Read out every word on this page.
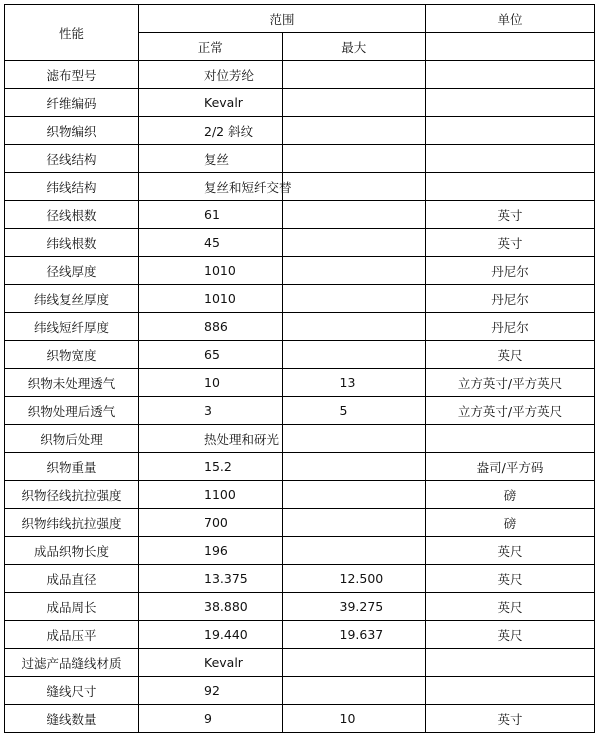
性能	范围		单位
	正常	最大	
滤布型号	对位芳纶		
纤维编码	Kevalr		
织物编织	2/2 斜纹		
径线结构	复丝		
纬线结构	复丝和短纤交替		
径线根数	61		英寸
纬线根数	45		英寸
径线厚度	1010		丹尼尔
纬线复丝厚度	1010		丹尼尔
纬线短纤厚度	886		丹尼尔
织物宽度	65		英尺
织物未处理透气	10	13	立方英寸/平方英尺
织物处理后透气	3	5	立方英寸/平方英尺
织物后处理	热处理和砑光		
织物重量	15.2		盎司/平方码
织物径线抗拉强度	1100		磅
织物纬线抗拉强度	700		磅
成品织物长度	196		英尺
成品直径	13.375	12.500	英尺
成品周长	38.880	39.275	英尺
成品压平	19.440	19.637	英尺
过滤产品缝线材质	Kevalr		
缝线尺寸	92		
缝线数量	9	10	英寸
